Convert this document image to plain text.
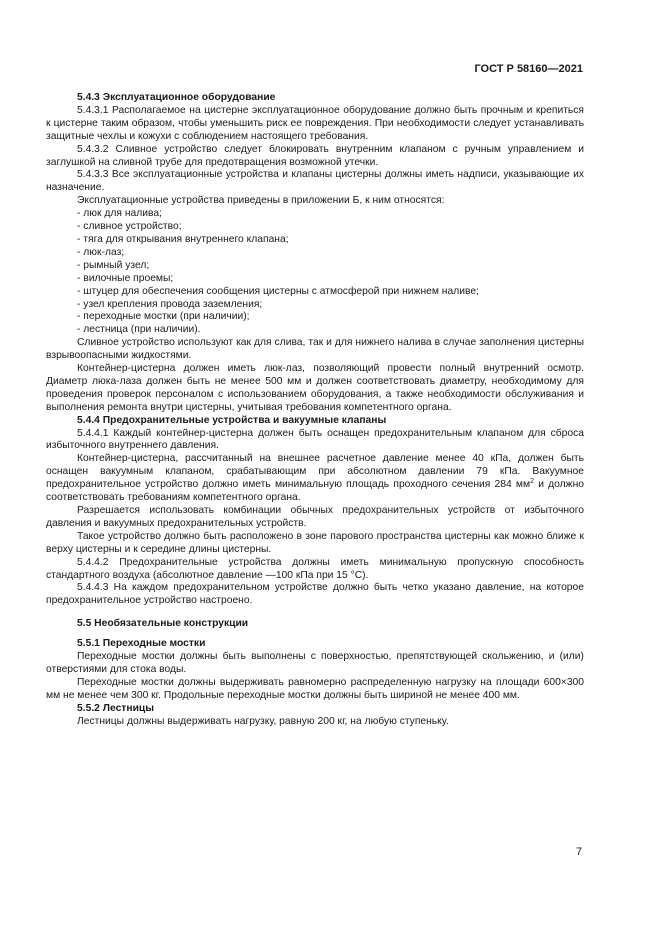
ГОСТ Р 58160—2021

5.4.3 Эксплуатационное оборудование

5.4.3.1 Располагаемое на цистерне эксплуатационное оборудование должно быть прочным и крепиться к цистерне таким образом, чтобы уменьшить риск ее повреждения. При необходимости следует устанавливать защитные чехлы и кожухи с соблюдением настоящего требования.

5.4.3.2 Сливное устройство следует блокировать внутренним клапаном с ручным управлением и заглушкой на сливной трубе для предотвращения возможной утечки.

5.4.3.3 Все эксплуатационные устройства и клапаны цистерны должны иметь надписи, указывающие их назначение.

Эксплуатационные устройства приведены в приложении Б, к ним относятся:

- люк для налива;

- сливное устройство;

- тяга для открывания внутреннего клапана;

- люк-лаз;

- рымный узел;

- вилочные проемы;

- штуцер для обеспечения сообщения цистерны с атмосферой при нижнем наливе;

- узел крепления провода заземления;

- переходные мостки (при наличии);

- лестница (при наличии).

Сливное устройство используют как для слива, так и для нижнего налива в случае заполнения цистерны взрывоопасными жидкостями.

Контейнер-цистерна должен иметь люк-лаз, позволяющий провести полный внутренний осмотр. Диаметр люка-лаза должен быть не менее 500 мм и должен соответствовать диаметру, необходимому для проведения проверок персоналом с использованием оборудования, а также необходимости обслуживания и выполнения ремонта внутри цистерны, учитывая требования компетентного органа.

5.4.4 Предохранительные устройства и вакуумные клапаны

5.4.4.1 Каждый контейнер-цистерна должен быть оснащен предохранительным клапаном для сброса избыточного внутреннего давления.

Контейнер-цистерна, рассчитанный на внешнее расчетное давление менее 40 кПа, должен быть оснащен вакуумным клапаном, срабатывающим при абсолютном давлении 79 кПа. Вакуумное предохранительное устройство должно иметь минимальную площадь проходного сечения 284 $мм^2$ и должно соответствовать требованиям компетентного органа.

Разрешается использовать комбинации обычных предохранительных устройств от избыточного давления и вакуумных предохранительных устройств.

Такое устройство должно быть расположено в зоне парового пространства цистерны как можно ближе к верху цистерны и к середине длины цистерны.

5.4.4.2 Предохранительные устройства должны иметь минимальную пропускную способность стандартного воздуха (абсолютное давление —100 кПа при 15 °C).

5.4.4.3 На каждом предохранительном устройстве должно быть четко указано давление, на которое предохранительное устройство настроено.

5.5 Необязательные конструкции

5.5.1 Переходные мостки

Переходные мостки должны быть выполнены с поверхностью, препятствующей скольжению, и (или) отверстиями для стока воды.

Переходные мостки должны выдерживать равномерно распределенную нагрузку на площади 600×300 мм не менее чем 300 кг. Продольные переходные мостки должны быть шириной не менее 400 мм.

5.5.2 Лестницы

Лестницы должны выдерживать нагрузку, равную 200 кг, на любую ступеньку.

7
